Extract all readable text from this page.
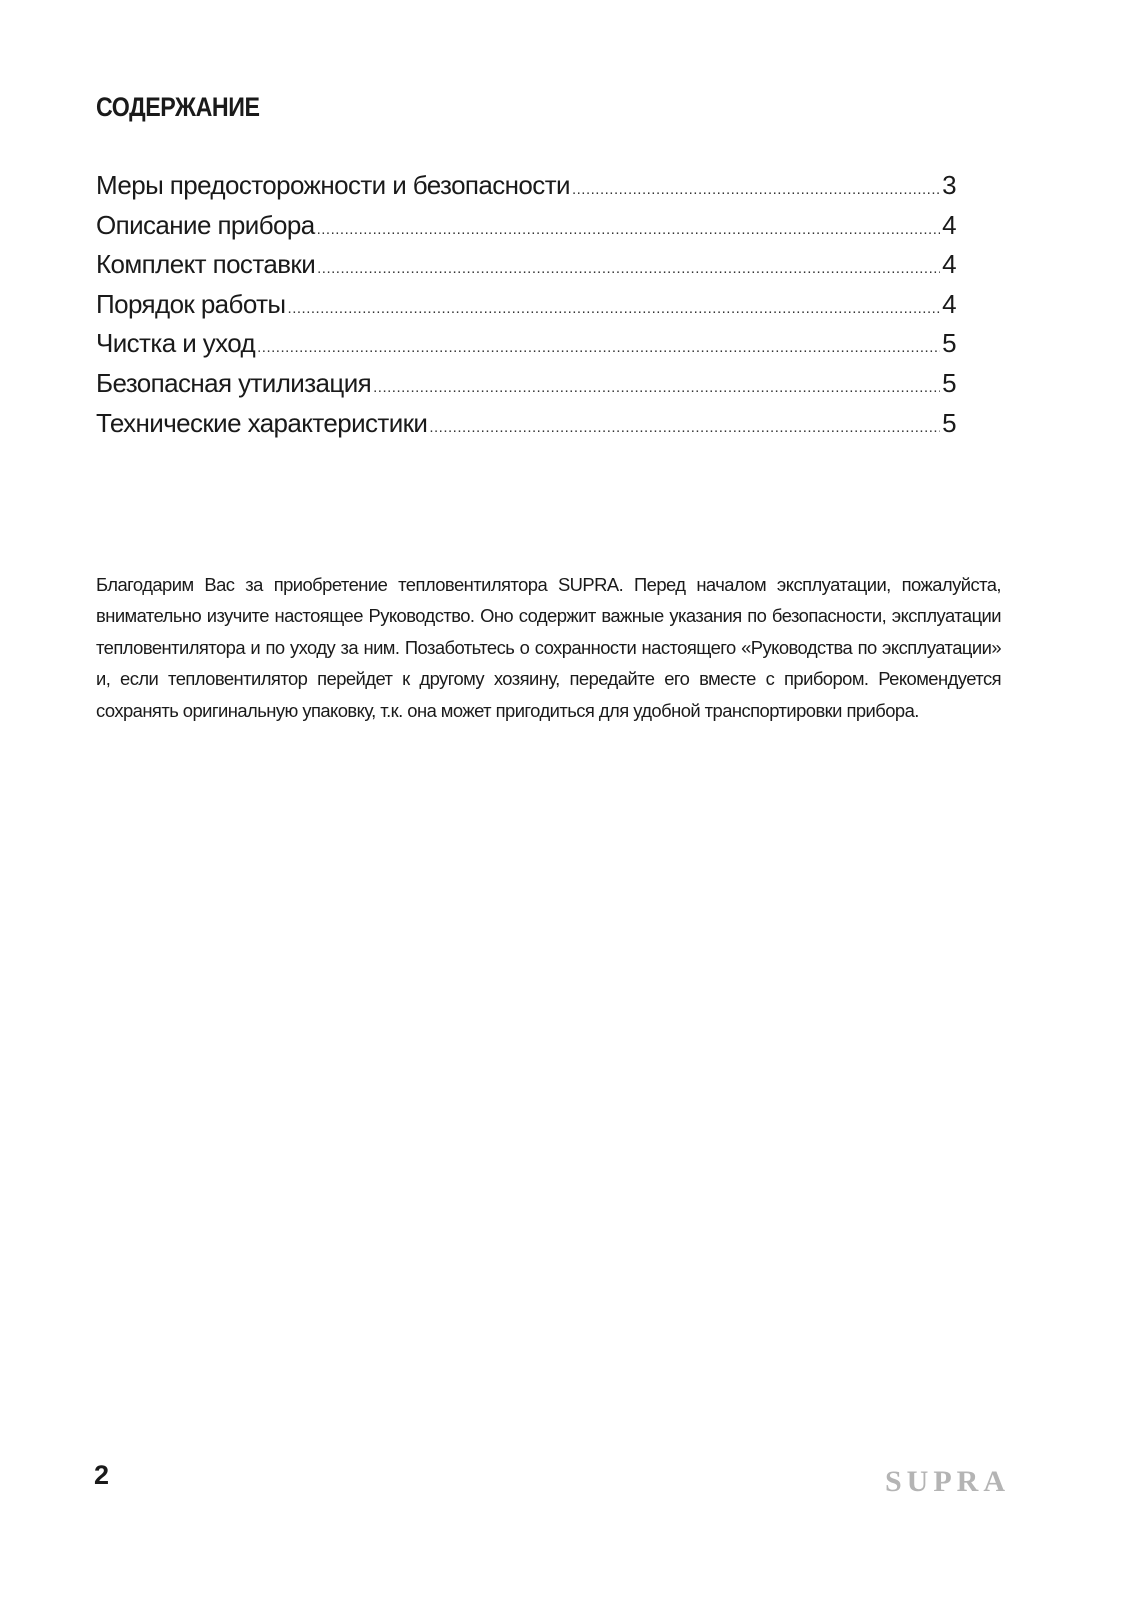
СОДЕРЖАНИЕ
Меры предосторожности и безопасности .....	3
Описание прибора .....	4
Комплект поставки .....	4
Порядок работы .....	4
Чистка и уход .....	5
Безопасная утилизация .....	5
Технические характеристики .....	5

Благодарим Вас за приобретение тепловентилятора SUPRA. Перед началом эксплуатации, пожалуйста, внимательно изучите настоящее Руководство. Оно содержит важные указания по безопасности, эксплуатации тепловентилятора и по уходу за ним. Позаботьтесь о сохранности настоящего «Руководства по эксплуатации» и, если тепловентилятор перейдет к другому хозяину, передайте его вместе с прибором. Рекомендуется сохранять оригинальную упаковку, т.к. она может пригодиться для удобной транспортировки прибора.

2	SUPRA
